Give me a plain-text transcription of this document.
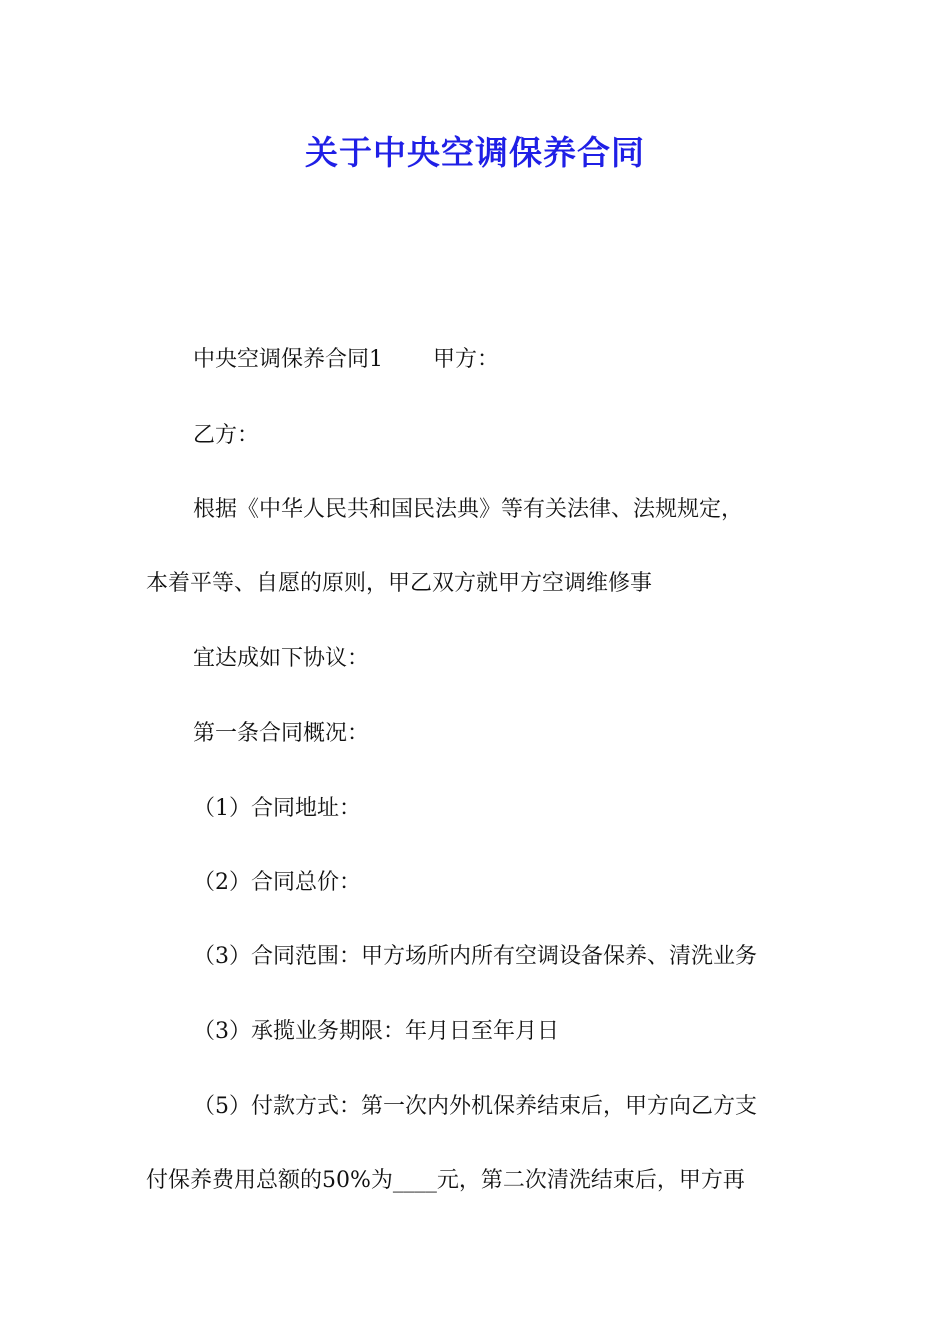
关于中央空调保养合同

中央空调保养合同1 甲方：

乙方：

根据《中华人民共和国民法典》等有关法律、法规规定，

本着平等、自愿的原则，甲乙双方就甲方空调维修事

宜达成如下协议：

第一条合同概况：

（1）合同地址：

（2）合同总价：

（3）合同范围：甲方场所内所有空调设备保养、清洗业务

（3）承揽业务期限：年月日至年月日

（5）付款方式：第一次内外机保养结束后，甲方向乙方支

付保养费用总额的50%为____元，第二次清洗结束后，甲方再
